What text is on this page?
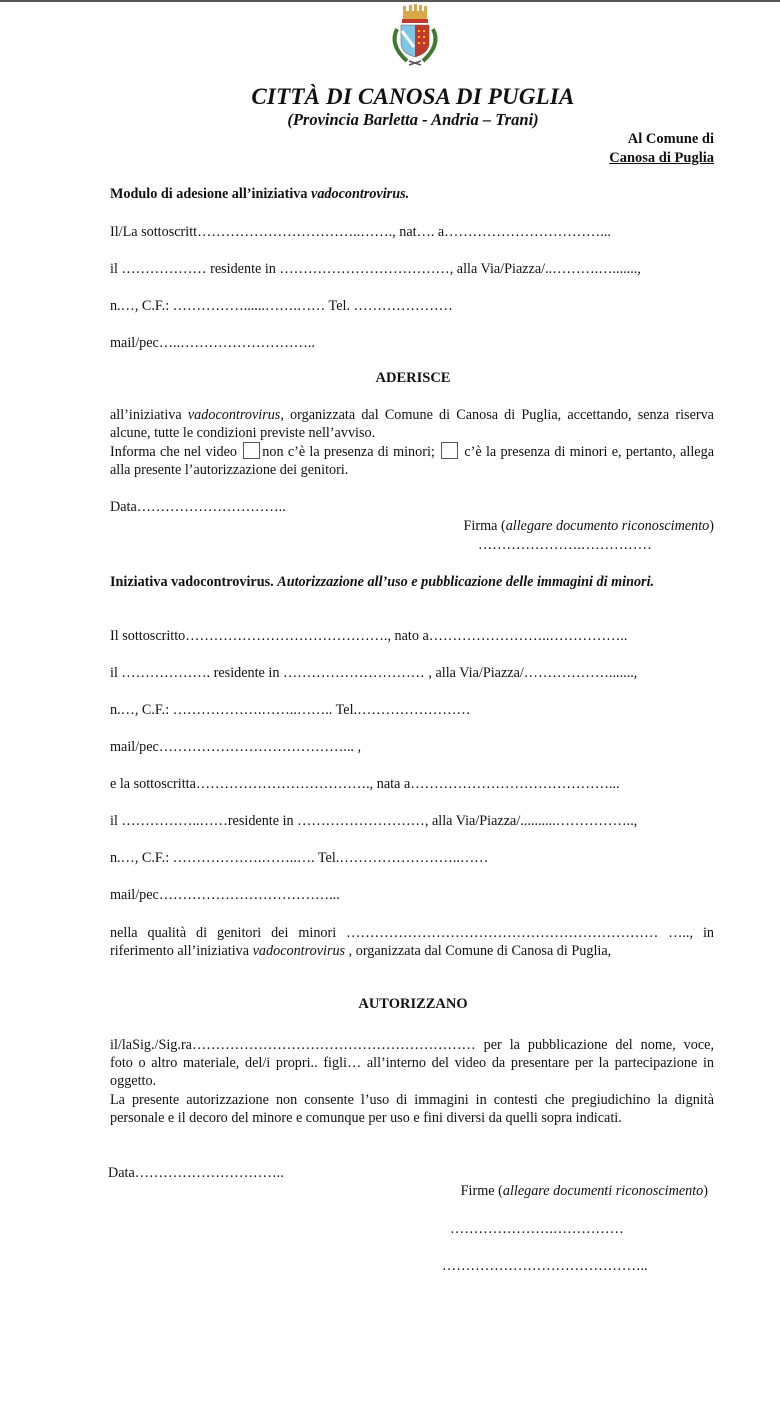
CITTÀ DI CANOSA DI PUGLIA
(Provincia Barletta - Andria – Trani)
Al Comune di
Canosa di Puglia
Modulo di adesione all’iniziativa vadocontrovirus.
Il/La sottoscritt……………………………..……., nat…. a……………………………...
il ……………… residente in ………………………………, alla Via/Piazza/..……….….......,
n.…, C.F.: ……………......…….…… Tel. …………………
mail/pec…..………………………..
ADERISCE
all’iniziativa vadocontrovirus, organizzata dal Comune di Canosa di Puglia, accettando, senza riserva alcune, tutte le condizioni previste nell’avviso.
Informa che nel video non c’è la presenza di minori;  c’è la presenza di minori e, pertanto, allega alla presente l’autorizzazione dei genitori.
Data…………………………..
Firma (allegare documento riconoscimento)
………………….……………
Iniziativa vadocontrovirus. Autorizzazione all’uso e pubblicazione delle immagini di minori.
Il sottoscritto……………………………………., nato a……………………..……………..
il ………………. residente in ………………………… , alla Via/Piazza/……………….......,
n.…, C.F.: ……………….……..…….. Tel.……………………
mail/pec…………………………………... ,
e la sottoscritta………………………………., nata a……………………………………...
il ……………..……residente in ………………………, alla Via/Piazza/..........……………..,
n.…, C.F.: ……………….……..…. Tel.……………………..……
mail/pec………………………………...
nella qualità di genitori dei minori ………………………………………………………… ….., in riferimento all’iniziativa vadocontrovirus , organizzata dal Comune di Canosa di Puglia,
AUTORIZZANO
il/laSig./Sig.ra…………………………………………………… per la pubblicazione del nome, voce, foto o altro materiale, del/i propri.. figli… all’interno del video da presentare per la partecipazione in oggetto.
La presente autorizzazione non consente l’uso di immagini in contesti che pregiudichino la dignità personale e il decoro del minore e comunque per uso e fini diversi da quelli sopra indicati.
Data…………………………..
Firme (allegare documenti riconoscimento)
………………….……………
……………………………………..
